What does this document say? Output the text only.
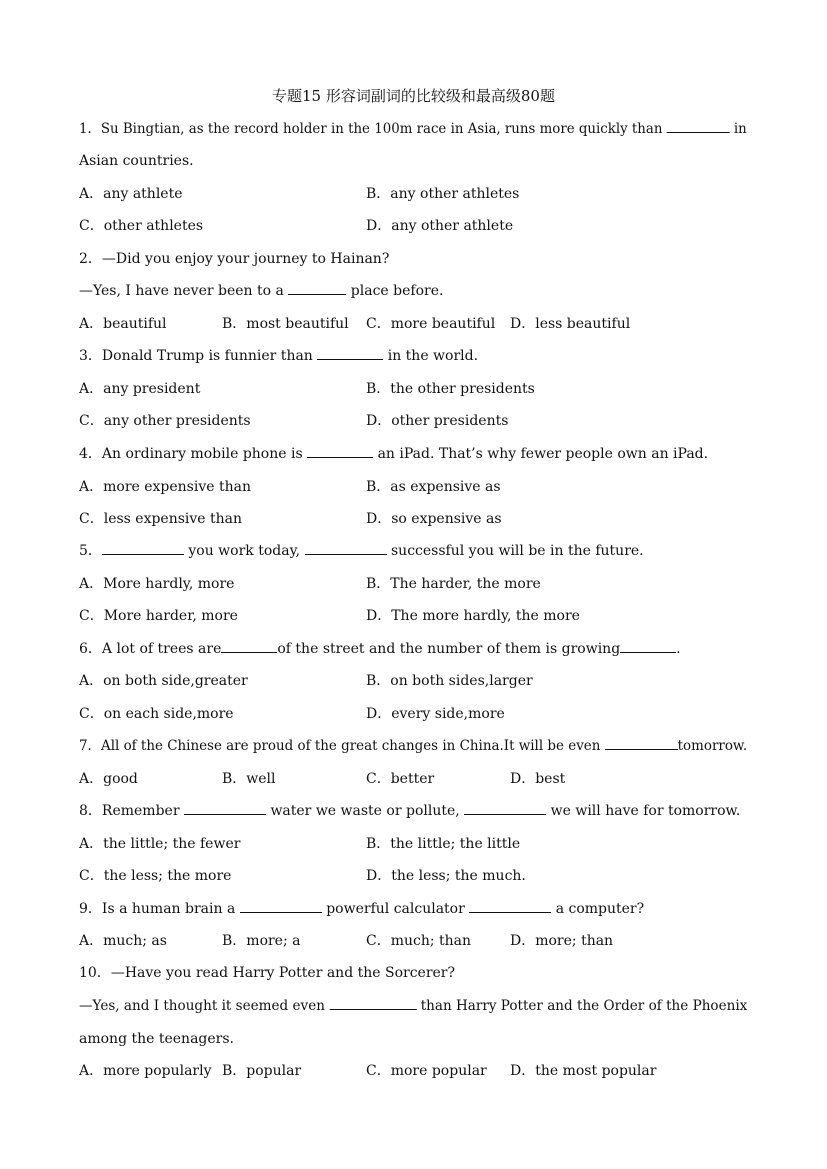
专题15 形容词副词的比较级和最高级80题
1．Su Bingtian, as the record holder in the 100m race in Asia, runs more quickly than	in
Asian countries.
A．any athlete	B．any other athletes
C．other athletes	D．any other athlete
2．—Did you enjoy your journey to Hainan?
—Yes, I have never been to a	place before.
A．beautiful	B．most beautiful C．more beautiful D．less beautiful
3．Donald Trump is funnier than	in the world.
A．any president	B．the other presidents
C．any other presidents	D．other presidents
4．An ordinary mobile phone is	an iPad. That’s why fewer people own an iPad.
A．more expensive than	B．as expensive as
C．less expensive than	D．so expensive as
5．	you work today,	successful you will be in the future.
A．More hardly, more	B．The harder, the more
C．More harder, more	D．The more hardly, the more
6．A lot of trees are	of the street and the number of them is growing	.
A．on both side,greater	B．on both sides,larger
C．on each side,more	D．every side,more
7．All of the Chinese are proud of the great changes in China.It will be even	tomorrow.
A．good	B．well	C．better	D．best
8．Remember	water we waste or pollute,	we will have for tomorrow.
A．the little; the fewer	B．the little; the little
C．the less; the more	D．the less; the much.
9．Is a human brain a	powerful calculator	a computer?
A．much; as	B．more; a	C．much; than	D．more; than
10．—Have you read Harry Potter and the Sorcerer?
—Yes, and I thought it seemed even	than Harry Potter and the Order of the Phoenix
among the teenagers.
A．more popularly B．popular	C．more popular D．the most popular
